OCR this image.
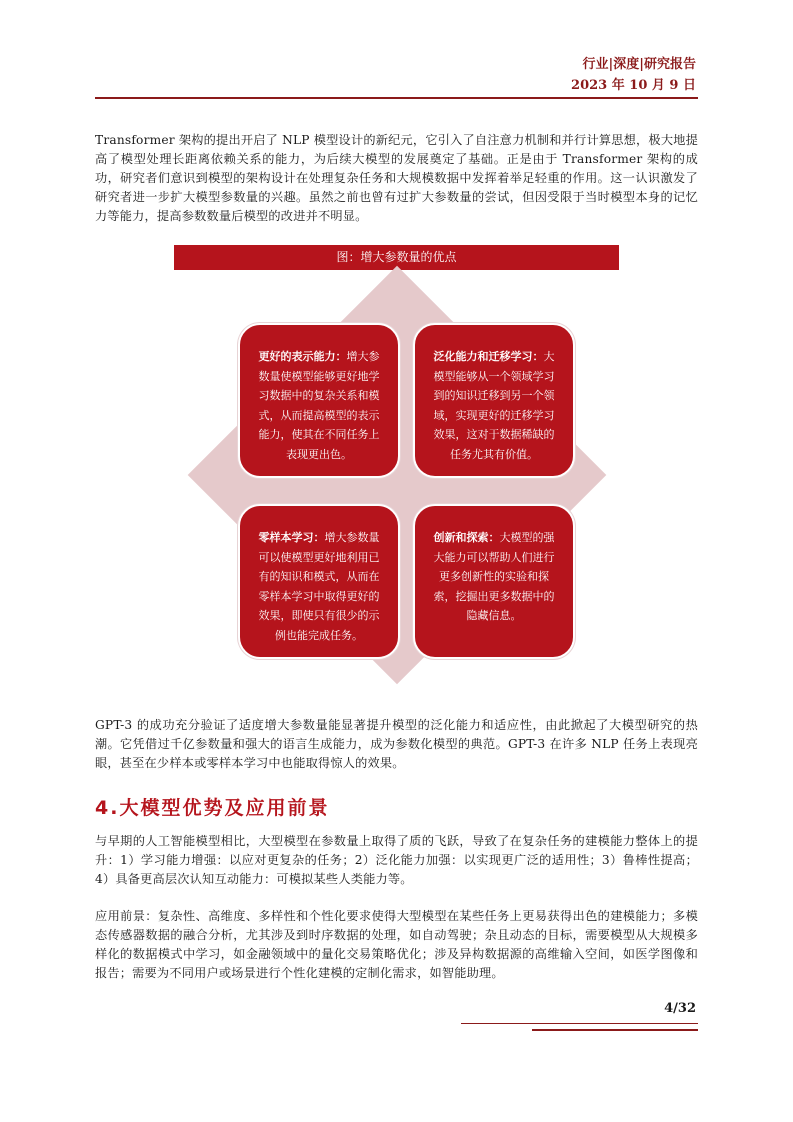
行业|深度|研究报告
2023 年 10 月 9 日

Transformer 架构的提出开启了 NLP 模型设计的新纪元，它引入了自注意力机制和并行计算思想，极大地提高了模型处理长距离依赖关系的能力，为后续大模型的发展奠定了基础。正是由于 Transformer 架构的成功，研究者们意识到模型的架构设计在处理复杂任务和大规模数据中发挥着举足轻重的作用。这一认识激发了研究者进一步扩大模型参数量的兴趣。虽然之前也曾有过扩大参数量的尝试，但因受限于当时模型本身的记忆力等能力，提高参数数量后模型的改进并不明显。

图：增大参数量的优点
更好的表示能力：增大参数量使模型能够更好地学习数据中的复杂关系和模式，从而提高模型的表示能力，使其在不同任务上表现更出色。
泛化能力和迁移学习：大模型能够从一个领域学习到的知识迁移到另一个领域，实现更好的迁移学习效果，这对于数据稀缺的任务尤其有价值。
零样本学习：增大参数量可以使模型更好地利用已有的知识和模式，从而在零样本学习中取得更好的效果，即使只有很少的示例也能完成任务。
创新和探索：大模型的强大能力可以帮助人们进行更多创新性的实验和探索，挖掘出更多数据中的隐藏信息。

GPT-3 的成功充分验证了适度增大参数量能显著提升模型的泛化能力和适应性，由此掀起了大模型研究的热潮。它凭借过千亿参数量和强大的语言生成能力，成为参数化模型的典范。GPT-3 在许多 NLP 任务上表现亮眼，甚至在少样本或零样本学习中也能取得惊人的效果。

4.大模型优势及应用前景

与早期的人工智能模型相比，大型模型在参数量上取得了质的飞跃，导致了在复杂任务的建模能力整体上的提升：1）学习能力增强：以应对更复杂的任务；2）泛化能力加强：以实现更广泛的适用性；3）鲁棒性提高；4）具备更高层次认知互动能力：可模拟某些人类能力等。

应用前景：复杂性、高维度、多样性和个性化要求使得大型模型在某些任务上更易获得出色的建模能力；多模态传感器数据的融合分析，尤其涉及到时序数据的处理，如自动驾驶；杂且动态的目标，需要模型从大规模多样化的数据模式中学习，如金融领域中的量化交易策略优化；涉及异构数据源的高维输入空间，如医学图像和报告；需要为不同用户或场景进行个性化建模的定制化需求，如智能助理。

4/32
